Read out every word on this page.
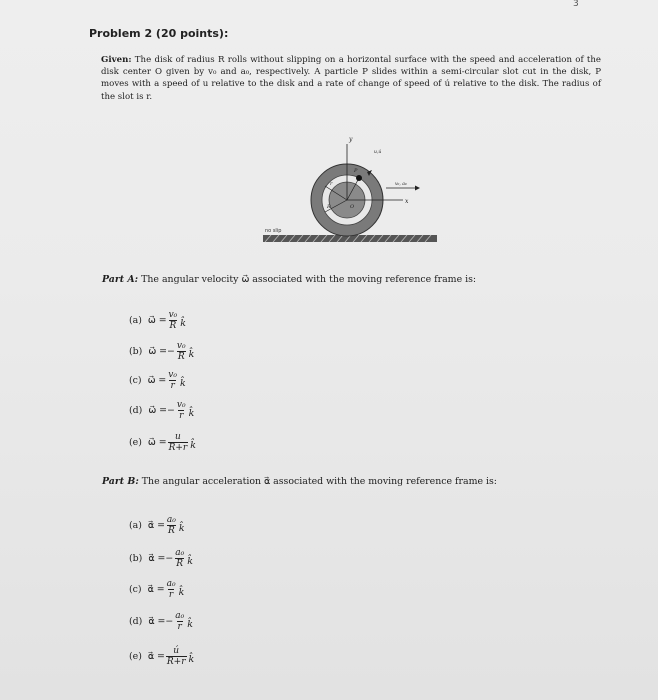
3
Problem 2 (20 points):
Given: The disk of radius R rolls without slipping on a horizontal surface with the speed and acceleration of the disk center O given by v₀ and a₀, respectively. A particle P slides within a semi-circular slot cut in the disk, P moves with a speed of u relative to the disk and a rate of change of speed of ú relative to the disk. The radius of the slot is r.
no slip
y
x
u,ú
v₀, a₀
P
r
R	O
Part A: The angular velocity ω⃗ associated with the moving reference frame is:
(a) ω⃗ = $\frac{\text{v₀}}{R}$ k̂
(b) ω⃗ = − $\frac{\text{v₀}}{R}$ k̂
(c) ω⃗ = $\frac{\text{v₀}}{r}$ k̂
(d) ω⃗ = − $\frac{\text{v₀}}{r}$ k̂
(e) ω⃗ = $\frac{u}{R+r}$ k̂
Part B: The angular acceleration α⃗ associated with the moving reference frame is:
(a) α⃗ = $\frac{\text{a₀}}{R}$ k̂
(b) α⃗ = − $\frac{\text{a₀}}{R}$ k̂
(c) α⃗ = $\frac{\text{a₀}}{r}$ k̂
(d) α⃗ = − $\frac{\text{a₀}}{r}$ k̂
(e) α⃗ = $\frac{ú}{R+r}$ k̂
